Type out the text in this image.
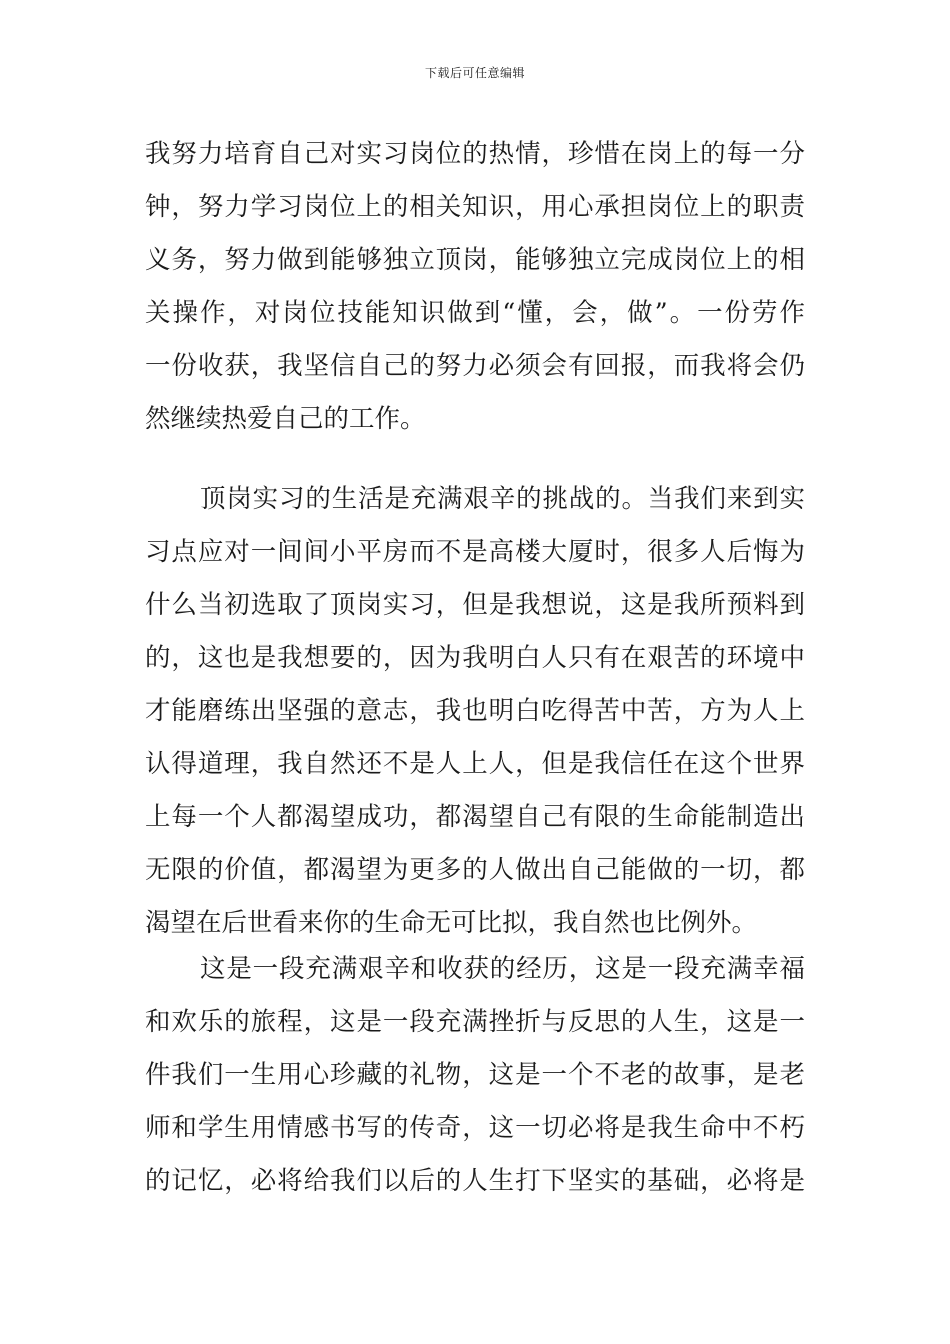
下载后可任意编辑
我努力培育自己对实习岗位的热情，珍惜在岗上的每一分
钟，努力学习岗位上的相关知识，用心承担岗位上的职责
义务，努力做到能够独立顶岗，能够独立完成岗位上的相
关操作，对岗位技能知识做到“懂，会，做”。一份劳作
一份收获，我坚信自己的努力必须会有回报，而我将会仍
然继续热爱自己的工作。
顶岗实习的生活是充满艰辛的挑战的。当我们来到实
习点应对一间间小平房而不是高楼大厦时，很多人后悔为
什么当初选取了顶岗实习，但是我想说，这是我所预料到
的，这也是我想要的，因为我明白人只有在艰苦的环境中
才能磨练出坚强的意志，我也明白吃得苦中苦，方为人上
认得道理，我自然还不是人上人，但是我信任在这个世界
上每一个人都渴望成功，都渴望自己有限的生命能制造出
无限的价值，都渴望为更多的人做出自己能做的一切，都
渴望在后世看来你的生命无可比拟，我自然也比例外。
这是一段充满艰辛和收获的经历，这是一段充满幸福
和欢乐的旅程，这是一段充满挫折与反思的人生，这是一
件我们一生用心珍藏的礼物，这是一个不老的故事，是老
师和学生用情感书写的传奇，这一切必将是我生命中不朽
的记忆，必将给我们以后的人生打下坚实的基础，必将是
